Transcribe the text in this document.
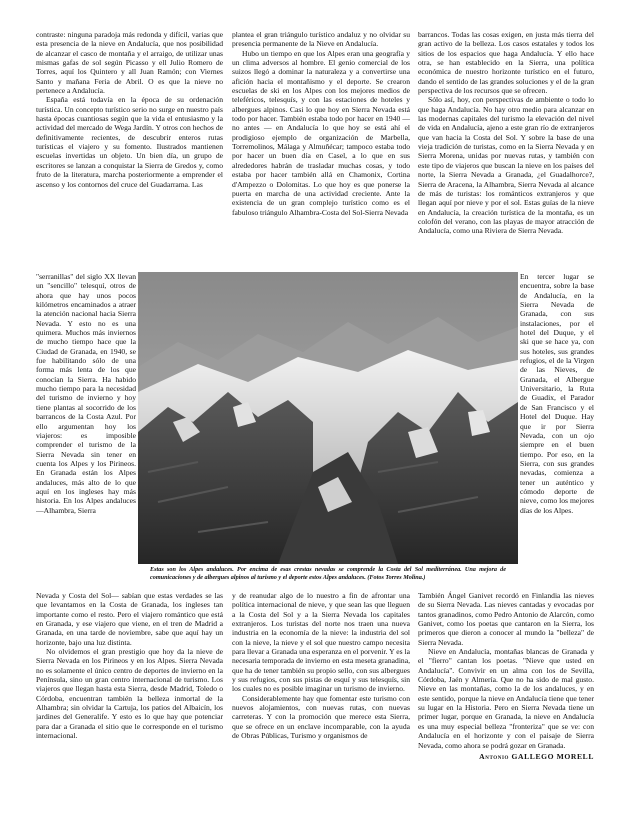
contraste: ninguna paradoja más redonda y difícil, varias que esta presencia de la nieve en Andalucía, que nos posibilidad de alcanzar el casco de montaña y el arraigo, de utilizar unas mismas gafas de sol según Picasso y ell Julio Romero de Torres, aquí los Quintero y all Juan Ramón; con Viernes Santo y mañana Feria de Abril. O es que la nieve no pertenece a Andalucía.

España está todavía en la época de su ordenación turística. Un concepto turístico serio no surge en nuestro país hasta épocas cuantiosas según que la vida el entusiasmo y la actividad del mercado de Wega Jardín. Y otros con hechos de definitivamente recientes, de descubrir enteros rutas turísticas el viajero y su fomento. Ilustrados mantienen escuelas invertidas un objeto. Un bien día, un grupo de escritores se lanzan a conquistar la Sierra de Gredos y, como fruto de la literatura, marcha posteriormente a emprender el ascenso y los contornos del cruce del Guadarrama. Las

plantea el gran triángulo turístico andaluz y no olvidar su presencia permanente de la Nieve en Andalucía.

Hubo un tiempo en que los Alpes eran una geografía y un clima adversos al hombre. El genio comercial de los suizos llegó a dominar la naturaleza y a convertirse una afición hacia el montañismo y el deporte. Se crearon escuelas de ski en los Alpes con los mejores medios de teleféricos, telesquís, y con las estaciones de hoteles y albergues alpinos. Casi lo que hoy en Sierra Nevada está todo por hacer. También estaba todo por hacer en 1940 — no antes — en Andalucía lo que hoy se está ahí el prodigioso ejemplo de organización de Marbella, Torremolinos, Málaga y Almuñécar; tampoco estaba todo por hacer un buen día en Casel, a lo que en sus alrededores habrán de trasladar muchas cosas, y todo estaba por hacer también allá en Chamonix, Cortina d'Ampezzo o Dolomitas. Lo que hoy es que ponerse la puerta en marcha de una actividad creciente. Ante la existencia de un gran complejo turístico como es el fabuloso triángulo Alhambra-Costa del Sol-Sierra Nevada

barrancos. Todas las cosas exigen, en justa más tierra del gran activo de la belleza. Los casos estatales y todos los sitios de los espacios que haga Andalucía. Y ello hace otra, se han establecido en la Sierra, una política económica de nuestro horizonte turístico en el futuro, dando el sentido de las grandes soluciones y el de la gran perspectiva de los recursos que se ofrecen.

Sólo así, hoy, con perspectivas de ambiente o todo lo que haga Andalucía. No hay otro medio para alcanzar en las modernas capitales del turismo la elevación del nivel de vida en Andalucía, ajeno a este gran río de extranjeros que van hacia la Costa del Sol. Y sobre la base de una vieja tradición de turistas, como en la Sierra Nevada y en Sierra Morena, unidas por nuevas rutas, y también con este tipo de viajeros que buscan la nieve en los países del norte, la Sierra Nevada a Granada, ¿el Guadalhorce?, Sierra de Aracena, la Alhambra, Sierra Nevada al alcance de más de turistas: los románticos extranjeros y que llegan aquí por nieve y por el sol. Estas guías de la nieve en Andalucía, la creación turística de la montaña, es un colofón del verano, con las playas de mayor atracción de Andalucía, como una Riviera de Sierra Nevada.

"serranillas" del siglo XX llevan un "sencillo" telesquí, otros de ahora que hay unos pocos kilómetros encaminados a atraer la atención nacional hacia Sierra Nevada. Y esto no es una quimera. Muchos más inviernos de mucho tiempo hace que la Ciudad de Granada, en 1940, se fue habilitando sólo de una forma más lenta de los que conocían la Sierra. Ha habido mucho tiempo para la necesidad del turismo de invierno y hoy tiene plantas al socorrido de los barrancos de la Costa Azul. Por ello argumentan hoy los viajeros: es imposible comprender el turismo de la Sierra Nevada sin tener en cuenta los Alpes y los Pirineos. En Granada están los Alpes andaluces, más alto de lo que aquí en los ingleses hay más historia. En los Alpes andaluces —Alhambra, Sierra

En tercer lugar se encuentra, sobre la base de Andalucía, en la Sierra Nevada de Granada, con sus instalaciones, por el hotel del Duque, y el ski que se hace ya, con sus hoteles, sus grandes refugios, el de la Virgen de las Nieves, de Granada, el Albergue Universitario, la Ruta de Guadix, el Parador de San Francisco y el Hotel del Duque. Hay que ir por Sierra Nevada, con un ojo siempre en el buen tiempo. Por eso, en la Sierra, con sus grandes nevadas, comienza a tener un auténtico y cómodo deporte de nieve, como los mejores días de los Alpes.

Estas son los Alpes andaluces. Por encima de esas crestas nevadas se comprende la Costa del Sol mediterránea. Una mejora de comunicaciones y de albergues alpinos al turismo y el deporte estos Alpes andaluces. (Fotos Torres Molina.)

Nevada y Costa del Sol— sabían que estas verdades se las que levantamos en la Costa de Granada, los ingleses tan importante como el resto. Pero el viajero romántico que está en Granada, y ese viajero que viene, en el tren de Madrid a Granada, en una tarde de noviembre, sabe que aquí hay un horizonte, bajo una luz distinta.

No olvidemos el gran prestigio que hoy da la nieve de Sierra Nevada en los Pirineos y en los Alpes. Sierra Nevada no es solamente el único centro de deportes de invierno en la Península, sino un gran centro internacional de turismo. Los viajeros que llegan hasta esta Sierra, desde Madrid, Toledo o Córdoba, encuentran también la belleza inmortal de la Alhambra; sin olvidar la Cartuja, los patios del Albaicín, los jardines del Generalife. Y esto es lo que hay que potenciar para dar a Granada el sitio que le corresponde en el turismo internacional.

y de reanudar algo de lo nuestro a fin de afrontar una política internacional de nieve, y que sean las que lleguen a la Costa del Sol y a la Sierra Nevada los capitales extranjeros. Los turistas del norte nos traen una nueva industria en la economía de la nieve: la industria del sol con la nieve, la nieve y el sol que nuestro campo necesita para llevar a Granada una esperanza en el porvenir. Y es la necesaria temporada de invierno en esta meseta granadina, que ha de tener también su propio sello, con sus albergues y sus refugios, con sus pistas de esquí y sus telesquís, sin los cuales no es posible imaginar un turismo de invierno.

Considerablemente hay que fomentar este turismo con nuevos alojamientos, con nuevas rutas, con nuevas carreteras. Y con la promoción que merece esta Sierra, que se ofrece en un enclave incomparable, con la ayuda de Obras Públicas, Turismo y organismos de

También Ángel Ganivet recordó en Finlandia las nieves de su Sierra Nevada. Las nieves cantadas y evocadas por tantos granadinos, como Pedro Antonio de Alarcón, como Ganivet, como los poetas que cantaron en la Sierra, los primeros que dieron a conocer al mundo la "belleza" de Sierra Nevada.

Nieve en Andalucía, montañas blancas de Granada y el "fierro" cantan los poetas. "Nieve que usted en Andalucía". Convivir en un alma con los de Sevilla, Córdoba, Jaén y Almería. Que no ha sido de mal gusto. Nieve en las montañas, como la de los andaluces, y en este sentido, porque la nieve en Andalucía tiene que tener su lugar en la Historia. Pero en Sierra Nevada tiene un primer lugar, porque en Granada, la nieve en Andalucía es una muy especial belleza "fronteriza" que se ve: con Andalucía en el horizonte y con el paisaje de Sierra Nevada, como ahora se podrá gozar en Granada.

Antonio GALLEGO MORELL
